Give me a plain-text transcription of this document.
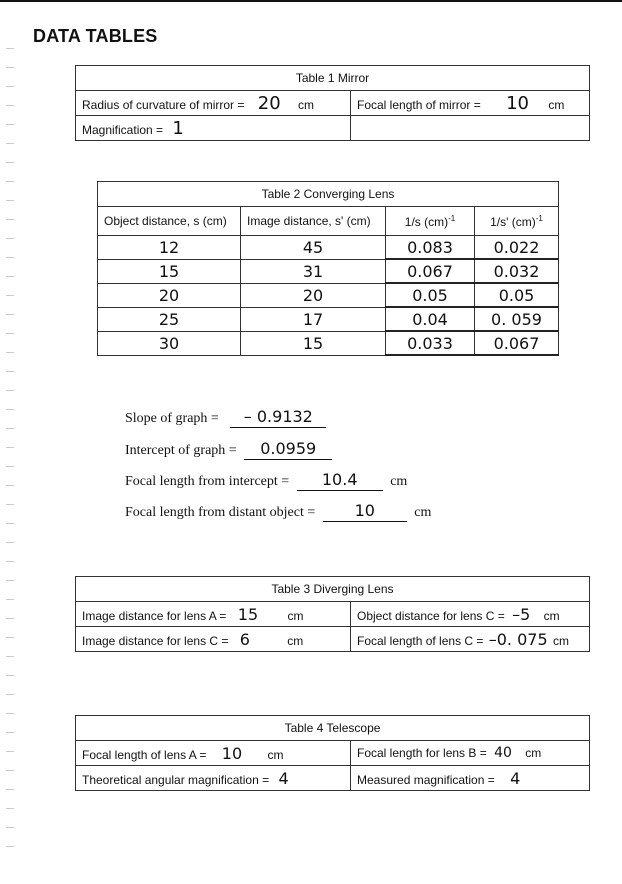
DATA TABLES
Table 1 Mirror	
Radius of curvature of mirror = 20 cm	Focal length of mirror = 10 cm
Magnification = 1	
Table 2 Converging Lens			
Object distance, s (cm)	Image distance, s' (cm)	1/s (cm)$^{-1}$	1/s' (cm)$^{-1}$
12	45	0.083	0.022
15	31	0.067	0.032
20	20	0.05	0.05
25	17	0.04	0. 059
30	15	0.033	0.067
Slope of graph = – 0.9132
Intercept of graph = 0.0959
Focal length from intercept = 10.4 cm
Focal length from distant object = 10	cm
Table 3 Diverging Lens	
Image distance for lens A = 15 cm	Object distance for lens C = –5 cm
Image distance for lens C = 6 cm	Focal length of lens C = –0. 075 cm
Table 4 Telescope	
Focal length of lens A = 10 cm	Focal length for lens B = 40 cm
Theoretical angular magnification = 4	Measured magnification = 4
